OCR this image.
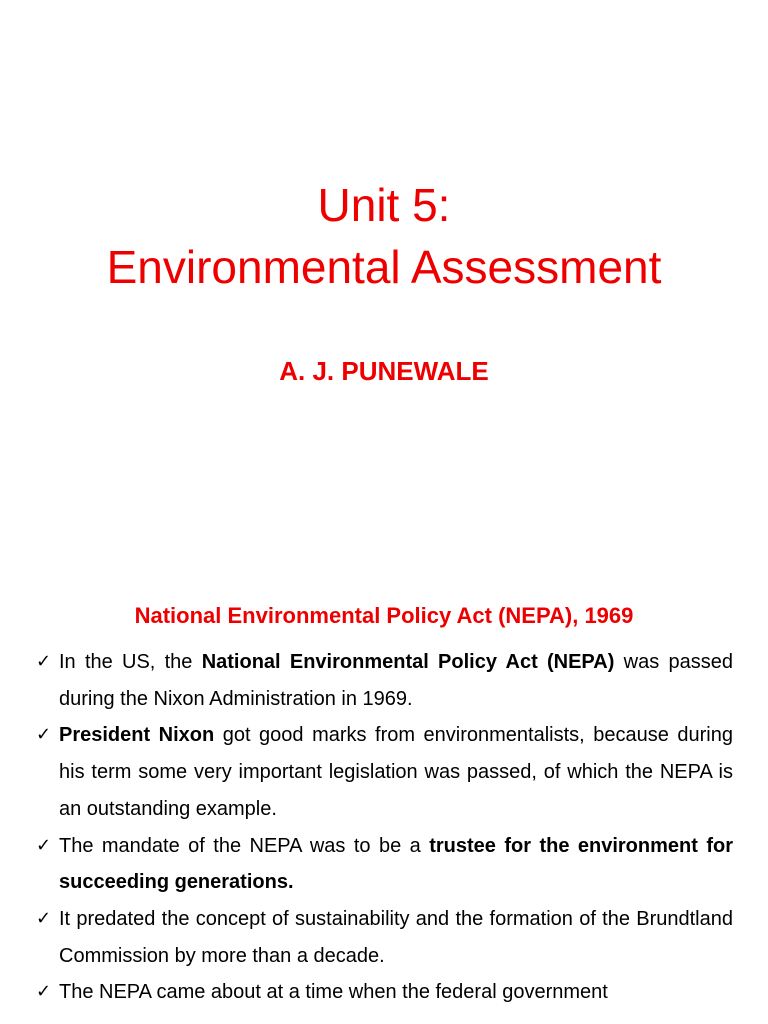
Unit 5:
Environmental Assessment
A. J. PUNEWALE
National Environmental Policy Act (NEPA), 1969
✓ In the US, the National Environmental Policy Act (NEPA) was passed during the Nixon Administration in 1969.
✓ President Nixon got good marks from environmentalists, because during his term some very important legislation was passed, of which the NEPA is an outstanding example.
✓ The mandate of the NEPA was to be a trustee for the environment for succeeding generations.
✓ It predated the concept of sustainability and the formation of the Brundtland Commission by more than a decade.
✓ The NEPA came about at a time when the federal government
